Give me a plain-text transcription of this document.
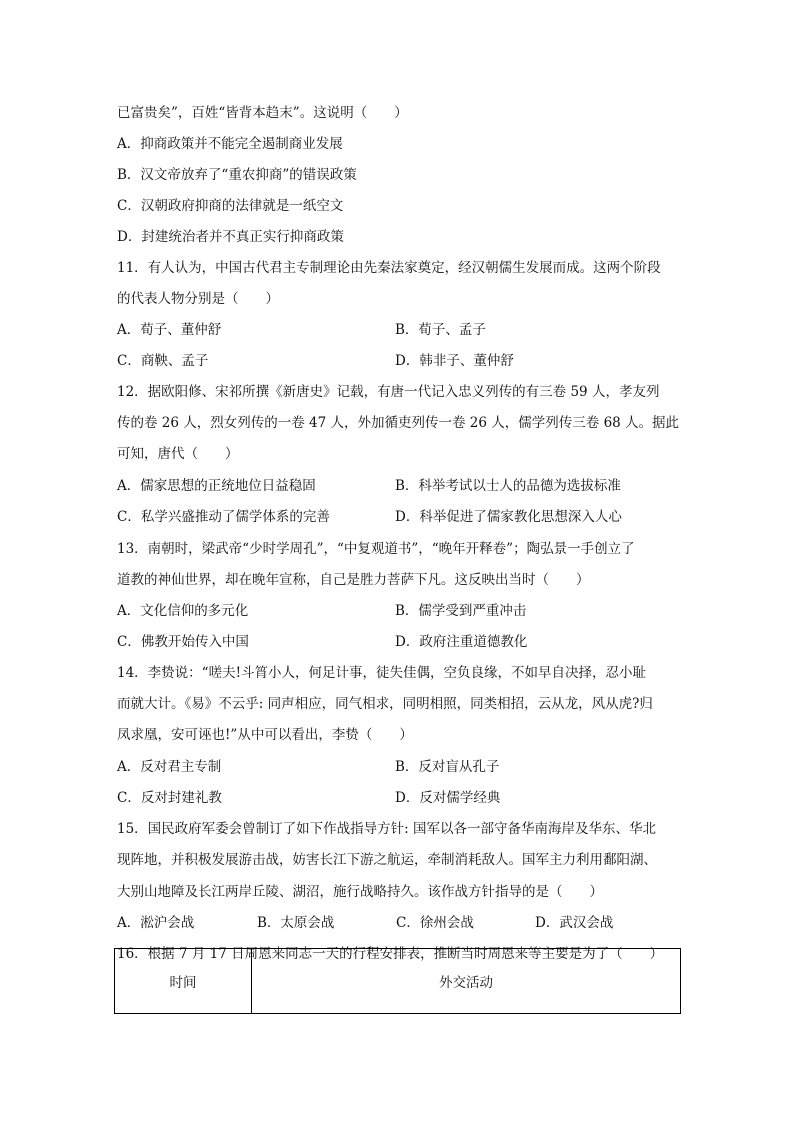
已富贵矣”，百姓“皆背本趋末”。这说明（　　）
A．抑商政策并不能完全遏制商业发展
B．汉文帝放弃了“重农抑商”的错误政策
C．汉朝政府抑商的法律就是一纸空文
D．封建统治者并不真正实行抑商政策
11．有人认为，中国古代君主专制理论由先秦法家奠定，经汉朝儒生发展而成。这两个阶段
的代表人物分别是（　　）
A．荀子、董仲舒	B．荀子、孟子
C．商鞅、孟子	D．韩非子、董仲舒
12．据欧阳修、宋祁所撰《新唐史》记载，有唐一代记入忠义列传的有三卷 59 人，孝友列
传的卷 26 人，烈女列传的一卷 47 人，外加循吏列传一卷 26 人，儒学列传三卷 68 人。据此
可知，唐代（　　）
A．儒家思想的正统地位日益稳固	B．科举考试以士人的品德为选拔标准
C．私学兴盛推动了儒学体系的完善	D．科举促进了儒家教化思想深入人心
13．南朝时，梁武帝“少时学周孔”，“中复观道书”，“晚年开释卷”；陶弘景一手创立了
道教的神仙世界，却在晚年宣称，自己是胜力菩萨下凡。这反映出当时（　　）
A．文化信仰的多元化	B．儒学受到严重冲击
C．佛教开始传入中国	D．政府注重道德教化
14．李贽说：“嗟夫!斗筲小人，何足计事，徒失佳偶，空负良缘，不如早自决择，忍小耻
而就大计。《易》不云乎: 同声相应，同气相求，同明相照，同类相招，云从龙，风从虎?归
凤求凰，安可诬也!”从中可以看出，李贽（　　）
A．反对君主专制	B．反对盲从孔子
C．反对封建礼教	D．反对儒学经典
15．国民政府军委会曾制订了如下作战指导方针: 国军以各一部守备华南海岸及华东、华北
现阵地，并积极发展游击战，妨害长江下游之航运，牵制消耗敌人。国军主力利用鄱阳湖、
大别山地障及长江两岸丘陵、湖沼，施行战略持久。该作战方针指导的是（　　）
A．淞沪会战	B．太原会战	C．徐州会战	D．武汉会战
16．根据 7 月 17 日周恩来同志一天的行程安排表，推断当时周恩来等主要是为了（　　）
时间	外交活动
